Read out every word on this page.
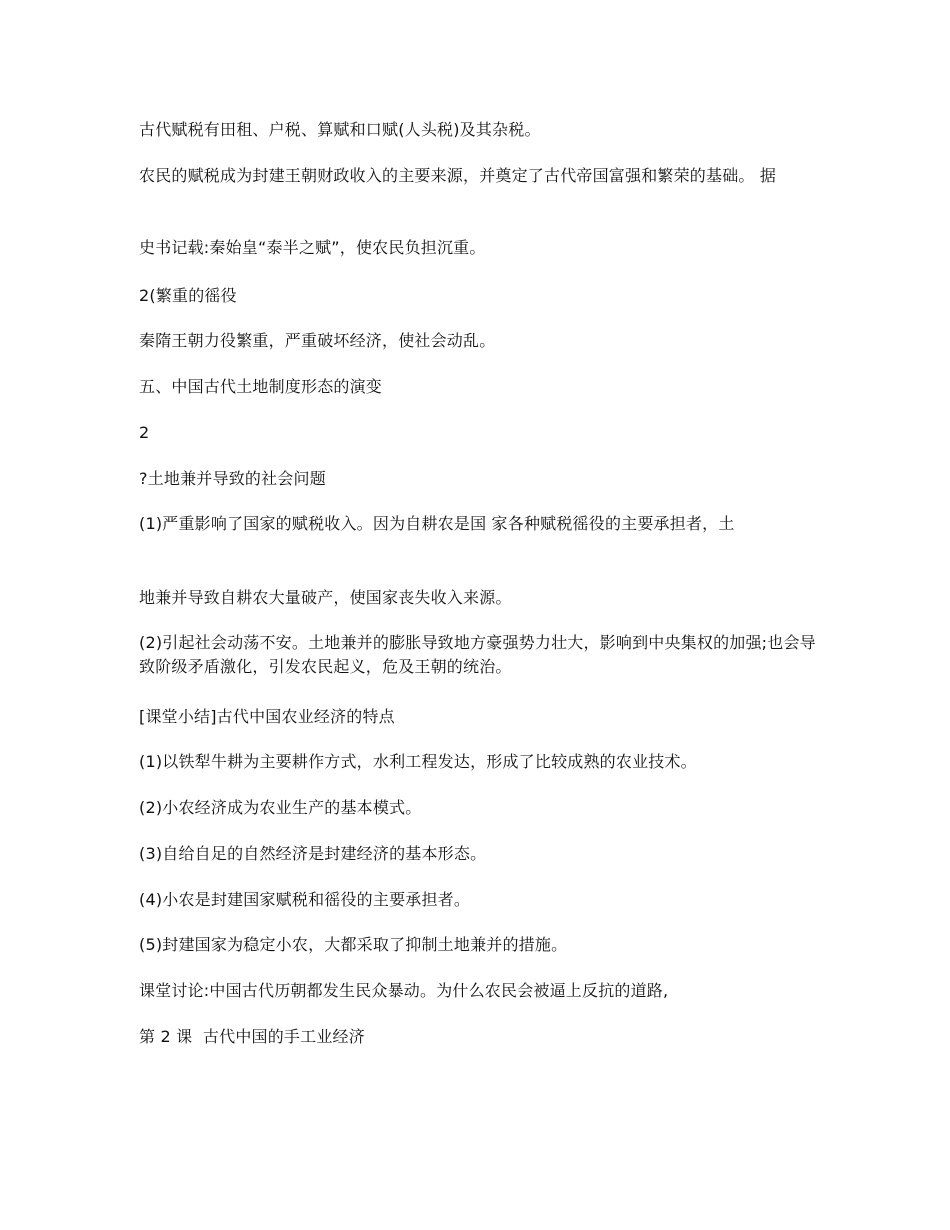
古代赋税有田租、户税、算赋和口赋(人头税)及其杂税。

农民的赋税成为封建王朝财政收入的主要来源，并奠定了古代帝国富强和繁荣的基础。 据

史书记载:秦始皇“泰半之赋”，使农民负担沉重。

2(繁重的徭役

秦隋王朝力役繁重，严重破坏经济，使社会动乱。

五、中国古代土地制度形态的演变

2

?土地兼并导致的社会问题

(1)严重影响了国家的赋税收入。因为自耕农是国 家各种赋税徭役的主要承担者，土

地兼并导致自耕农大量破产，使国家丧失收入来源。

(2)引起社会动荡不安。土地兼并的膨胀导致地方豪强势力壮大，影响到中央集权的加强;也会导致阶级矛盾激化，引发农民起义，危及王朝的统治。

[课堂小结]古代中国农业经济的特点

(1)以铁犁牛耕为主要耕作方式，水利工程发达，形成了比较成熟的农业技术。

(2)小农经济成为农业生产的基本模式。

(3)自给自足的自然经济是封建经济的基本形态。

(4)小农是封建国家赋税和徭役的主要承担者。

(5)封建国家为稳定小农，大都采取了抑制土地兼并的措施。

课堂讨论:中国古代历朝都发生民众暴动。为什么农民会被逼上反抗的道路,

第 2 课  古代中国的手工业经济
